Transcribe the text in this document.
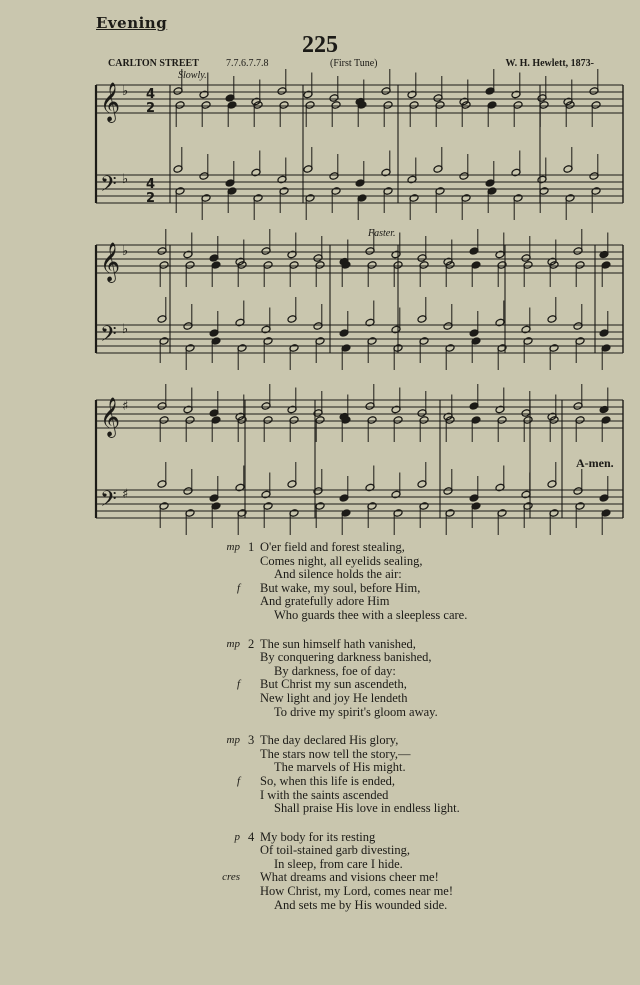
Evening
225
CARLTON STREET	7.7.6.7.7.8	(First Tune)	W. H. Hewlett, 1873-
Slowly.
Faster.
𝄞
𝄢
♭
♭
4
2
4
2
𝄞
𝄢
♭
♭
𝄞
𝄢
♯
♯
A-men.
mp 1 O'er field and forest stealing,
Comes night, all eyelids sealing,
And silence holds the air:
f But wake, my soul, before Him,
And gratefully adore Him
Who guards thee with a sleepless care.
mp 2 The sun himself hath vanished,
By conquering darkness banished,
By darkness, foe of day:
f But Christ my sun ascendeth,
New light and joy He lendeth
To drive my spirit's gloom away.
mp 3 The day declared His glory,
The stars now tell the story,—
The marvels of His might.
f So, when this life is ended,
I with the saints ascended
Shall praise His love in endless light.
p 4 My body for its resting
Of toil-stained garb divesting,
In sleep, from care I hide.
cres What dreams and visions cheer me!
How Christ, my Lord, comes near me!
And sets me by His wounded side.
